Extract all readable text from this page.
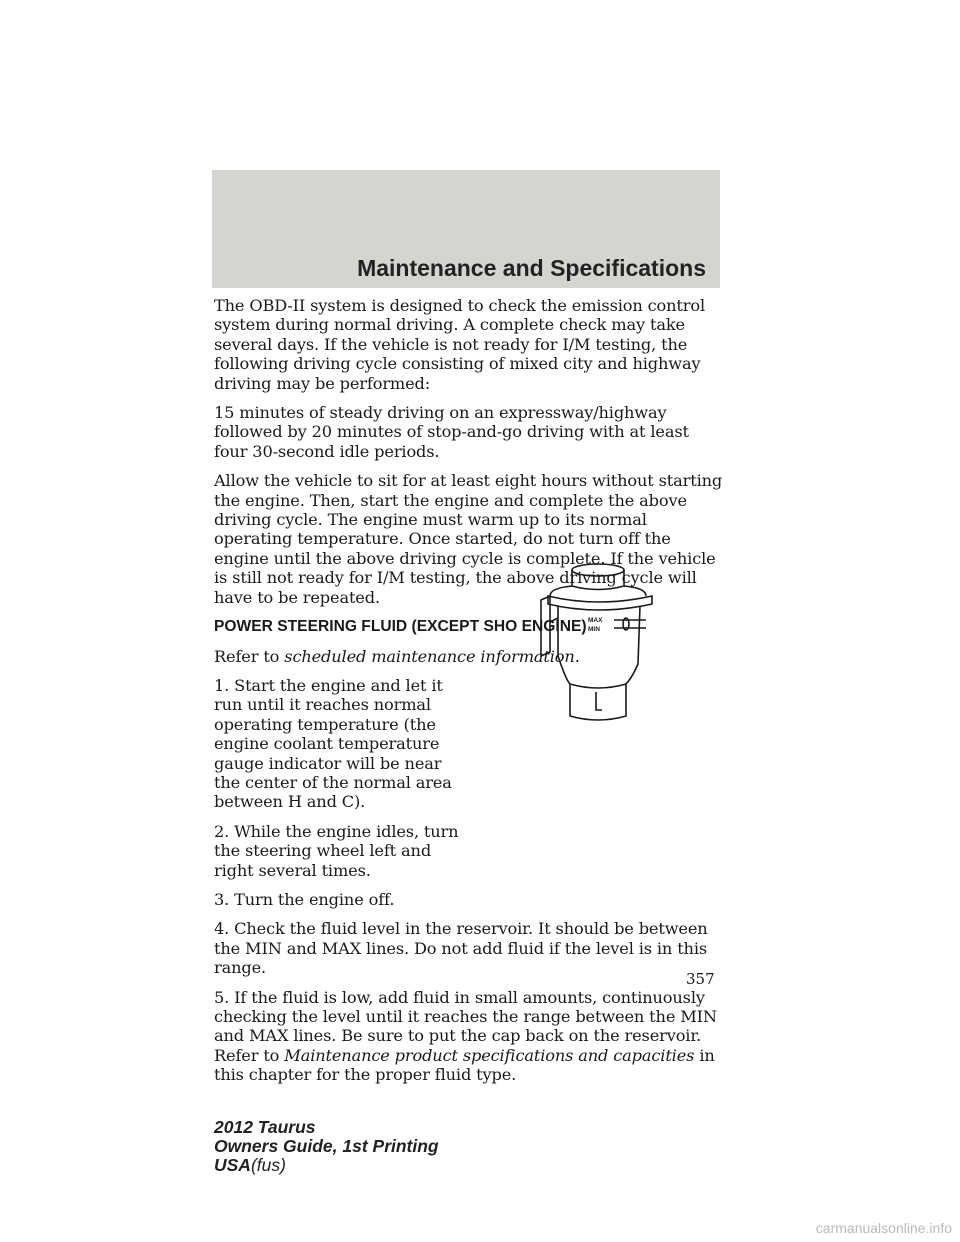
Maintenance and Specifications

The OBD-II system is designed to check the emission control system during normal driving. A complete check may take several days. If the vehicle is not ready for I/M testing, the following driving cycle consisting of mixed city and highway driving may be performed:

15 minutes of steady driving on an expressway/highway followed by 20 minutes of stop-and-go driving with at least four 30-second idle periods.

Allow the vehicle to sit for at least eight hours without starting the engine. Then, start the engine and complete the above driving cycle. The engine must warm up to its normal operating temperature. Once started, do not turn off the engine until the above driving cycle is complete. If the vehicle is still not ready for I/M testing, the above driving cycle will have to be repeated.

POWER STEERING FLUID (EXCEPT SHO ENGINE)

Refer to scheduled maintenance information.

1. Start the engine and let it run until it reaches normal operating temperature (the engine coolant temperature gauge indicator will be near the center of the normal area between H and C).

2. While the engine idles, turn the steering wheel left and right several times.

3. Turn the engine off.

4. Check the fluid level in the reservoir. It should be between the MIN and MAX lines. Do not add fluid if the level is in this range.

5. If the fluid is low, add fluid in small amounts, continuously checking the level until it reaches the range between the MIN and MAX lines. Be sure to put the cap back on the reservoir. Refer to Maintenance product specifications and capacities in this chapter for the proper fluid type.

MAX
MIN
357
2012 Taurus
Owners Guide, 1st Printing
USA(fus)
carmanualsonline.info
